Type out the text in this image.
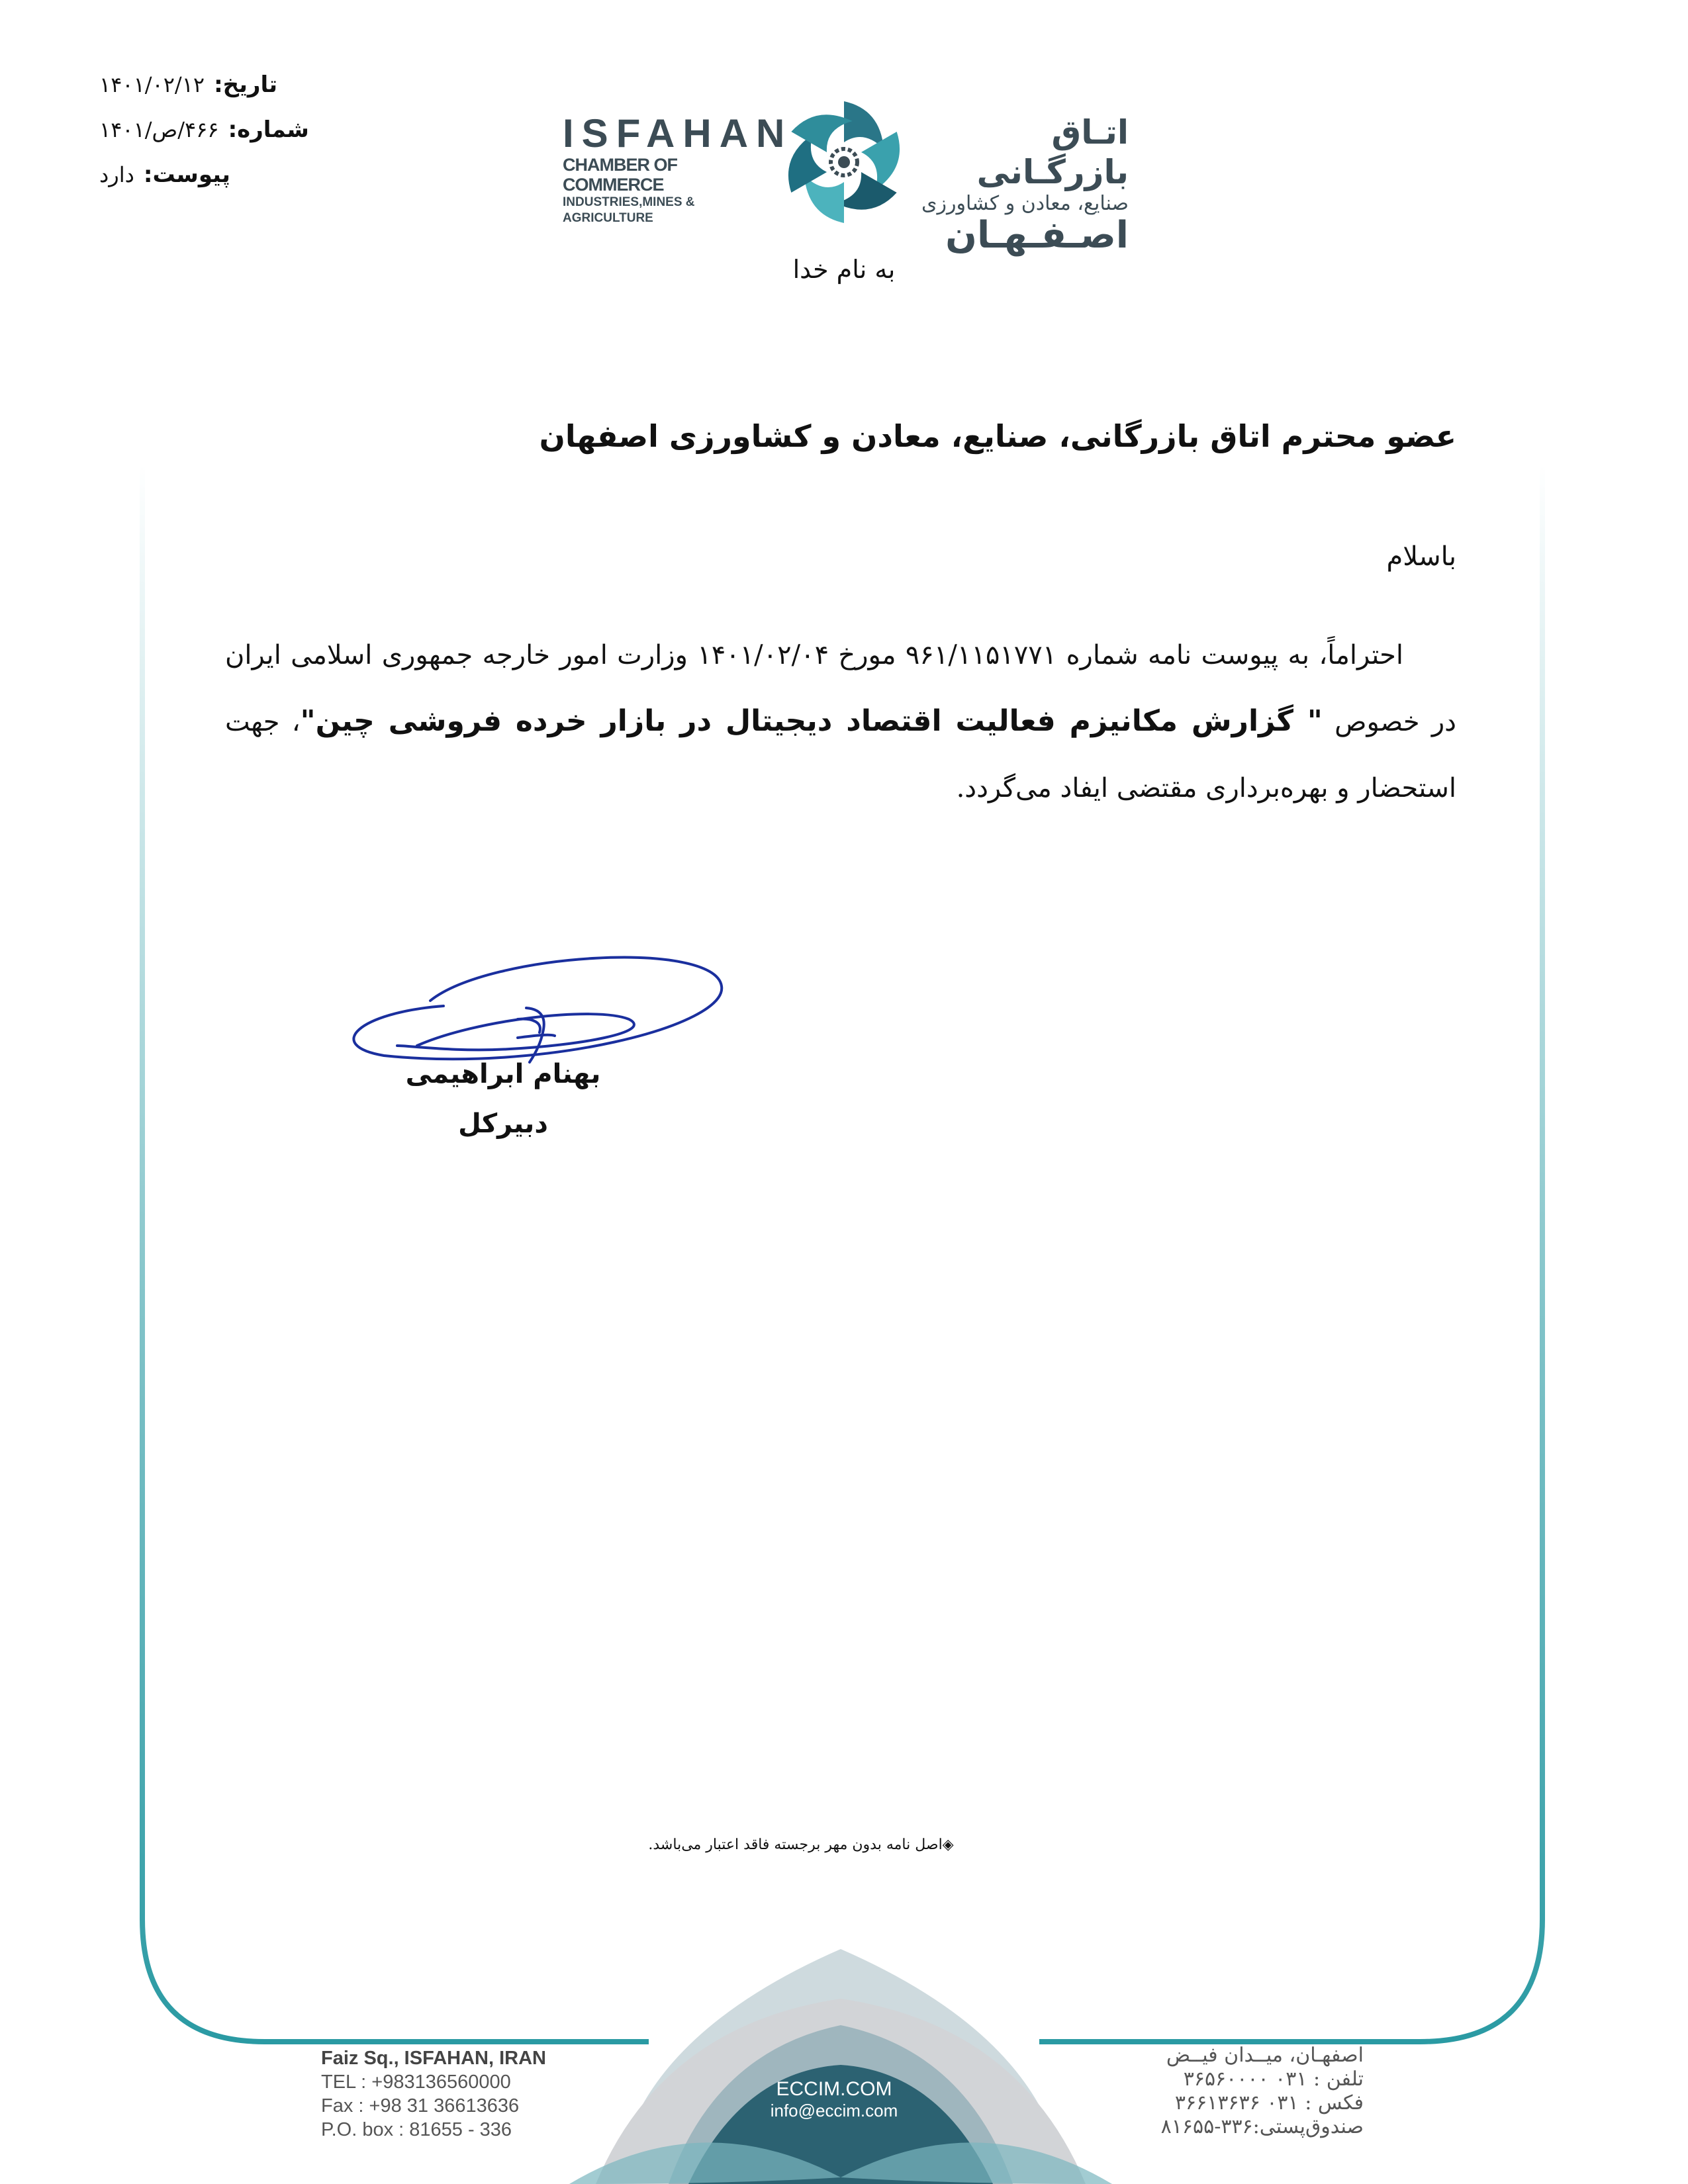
تاریخ:
۱۴۰۱/۰۲/۱۲
شماره:
۴۶۶/ص/۱۴۰۱
پیوست:
دارد
ISFAHAN
CHAMBER OF COMMERCE
INDUSTRIES,MINES & AGRICULTURE
اتـاق بازرگـانی
صنایع، معادن و کشاورزی
اصـفـهـان
به نام خدا
عضو محترم اتاق بازرگانی، صنایع، معادن و کشاورزی اصفهان
باسلام
احتراماً، به پیوست نامه شماره ۹۶۱/۱۱۵۱۷۷۱ مورخ ۱۴۰۱/۰۲/۰۴ وزارت امور خارجه جمهوری اسلامی ایران در خصوص " گزارش مکانیزم فعالیت اقتصاد دیجیتال در بازار خرده فروشی چین"، جهت استحضار و بهره‌برداری مقتضی ایفاد می‌گردد.
بهنام ابراهیمی
دبیرکل
◈اصل نامه بدون مهر برجسته فاقد اعتبار می‌باشد.
Faiz Sq., ISFAHAN, IRAN
TEL : +983136560000
Fax : +98 31 36613636
P.O. box : 81655 - 336
ECCIM.COM
info@eccim.com
اصفهـان، میــدان فیــض
تلفن : ۰۳۱ ۳۶۵۶۰۰۰۰
فکس : ۰۳۱ ۳۶۶۱۳۶۳۶
صندوق‌پستی:۳۳۶-۸۱۶۵۵
